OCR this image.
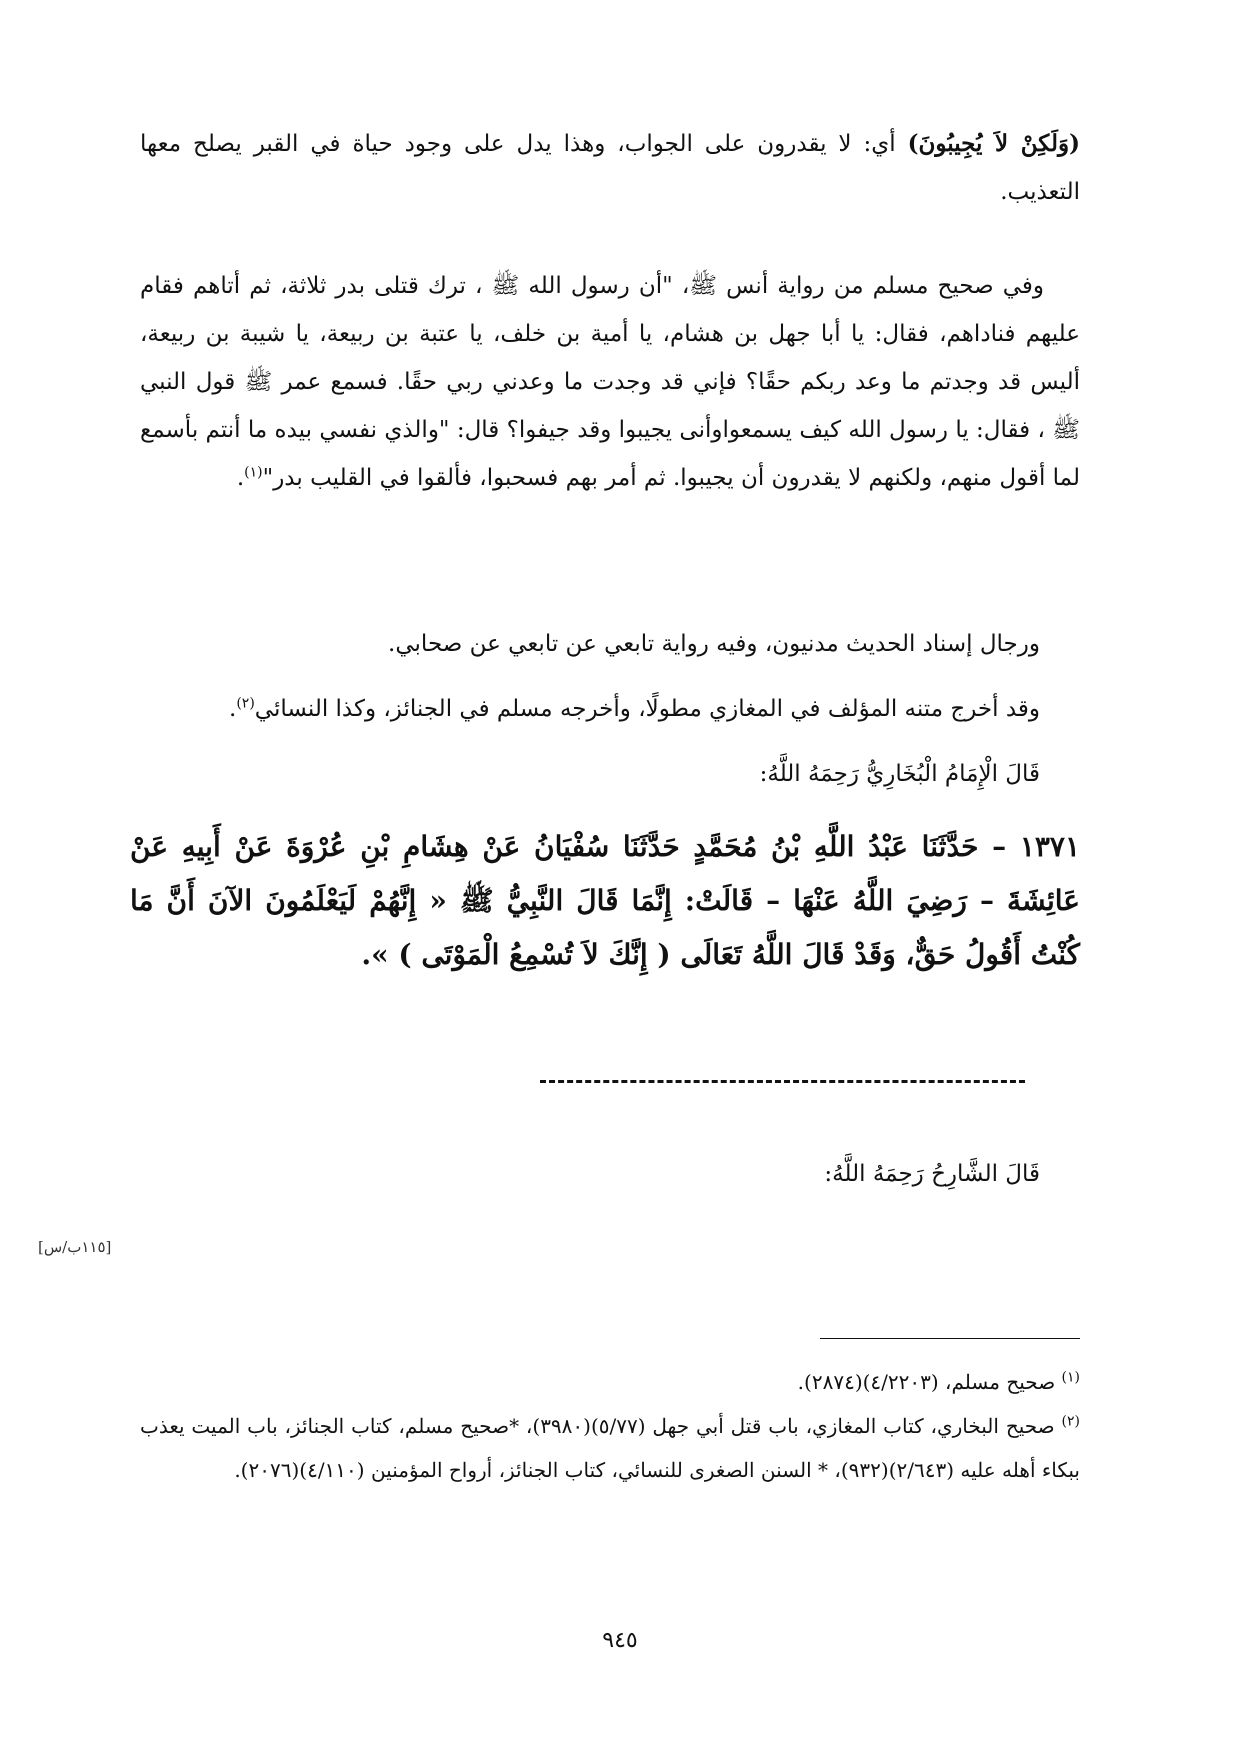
(وَلَكِنْ لاَ يُجِيبُونَ) أي: لا يقدرون على الجواب، وهذا يدل على وجود حياة في القبر يصلح معها التعذيب.

وفي صحيح مسلم من رواية أنس ﷺ، "أن رسول الله ﷺ ، ترك قتلى بدر ثلاثة، ثم أتاهم فقام عليهم فناداهم، فقال: يا أبا جهل بن هشام، يا أمية بن خلف، يا عتبة بن ربيعة، يا شيبة بن ربيعة، أليس قد وجدتم ما وعد ربكم حقًا؟ فإني قد وجدت ما وعدني ربي حقًا. فسمع عمر ﷺ قول النبي ﷺ ، فقال: يا رسول الله كيف يسمعواوأنى يجيبوا وقد جيفوا؟ قال: "والذي نفسي بيده ما أنتم بأسمع لما أقول منهم، ولكنهم لا يقدرون أن يجيبوا. ثم أمر بهم فسحبوا، فألقوا في القليب بدر"$^{(١)}$.

ورجال إسناد الحديث مدنيون، وفيه رواية تابعي عن تابعي عن صحابي.

وقد أخرج متنه المؤلف في المغازي مطولًا، وأخرجه مسلم في الجنائز، وكذا النسائي$^{(٢)}$.

قَالَ الْإِمَامُ الْبُخَارِيُّ رَحِمَهُ اللَّهُ:

١٣٧١ – حَدَّثَنَا عَبْدُ اللَّهِ بْنُ مُحَمَّدٍ حَدَّثَنَا سُفْيَانُ عَنْ هِشَامِ بْنِ عُرْوَةَ عَنْ أَبِيهِ عَنْ عَائِشَةَ – رَضِيَ اللَّهُ عَنْهَا – قَالَتْ: إِنَّمَا قَالَ النَّبِيُّ ﷺ « إِنَّهُمْ لَيَعْلَمُونَ الآنَ أَنَّ مَا كُنْتُ أَقُولُ حَقٌّ، وَقَدْ قَالَ اللَّهُ تَعَالَى ( إِنَّكَ لاَ تُسْمِعُ الْمَوْتَى ) ».

قَالَ الشَّارِحُ رَحِمَهُ اللَّهُ:

[١١٥ب/س]

$^{(١)}$ صحيح مسلم، (٤/٢٢٠٣)(٢٨٧٤).

$^{(٢)}$ صحيح البخاري، كتاب المغازي، باب قتل أبي جهل (٥/٧٧)(٣٩٨٠)، *صحيح مسلم، كتاب الجنائز، باب الميت يعذب ببكاء أهله عليه (٢/٦٤٣)(٩٣٢)، * السنن الصغرى للنسائي، كتاب الجنائز، أرواح المؤمنين (٤/١١٠)(٢٠٧٦).

٩٤٥
